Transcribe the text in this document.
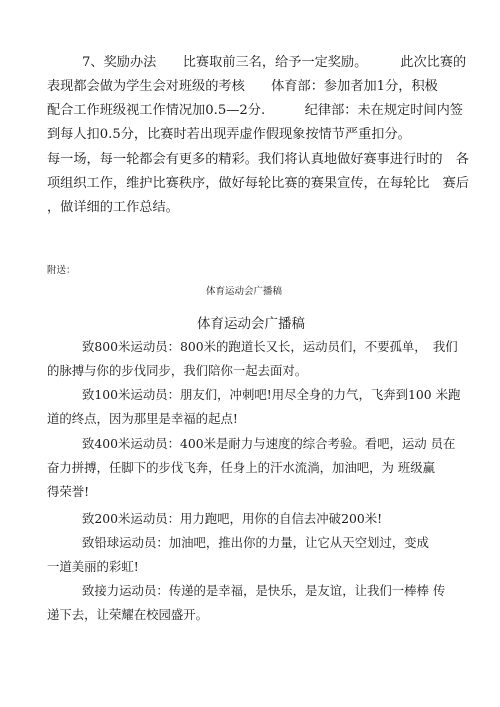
7、奖励办法　　比赛取前三名，给予一定奖励。　　　此次比赛的
表现都会做为学生会对班级的考核　　体育部：参加者加1分，积极
配合工作班级视工作情况加0.5—2分.　　　纪律部：未在规定时间内签
到每人扣0.5分，比赛时若出现弄虚作假现象按情节严重扣分。
每一场，每一轮都会有更多的精彩。我们将认真地做好赛事进行时的　各
项组织工作，维护比赛秩序，做好每轮比赛的赛果宣传，在每轮比　赛后
，做详细的工作总结。
附送：
体育运动会广播稿
体育运动会广播稿
致800米运动员：800米的跑道长又长，运动员们，不要孤单，　我们
的脉搏与你的步伐同步，我们陪你一起去面对。
致100米运动员：朋友们，冲刺吧!用尽全身的力气，飞奔到100 米跑
道的终点，因为那里是幸福的起点!
致400米运动员：400米是耐力与速度的综合考验。看吧，运动 员在
奋力拼搏，任脚下的步伐飞奔，任身上的汗水流淌，加油吧，为 班级赢
得荣誉!
致200米运动员：用力跑吧，用你的自信去冲破200米!
致铅球运动员：加油吧，推出你的力量，让它从天空划过，变成
一道美丽的彩虹!
致接力运动员：传递的是幸福，是快乐，是友谊，让我们一棒棒 传
递下去，让荣耀在校园盛开。
